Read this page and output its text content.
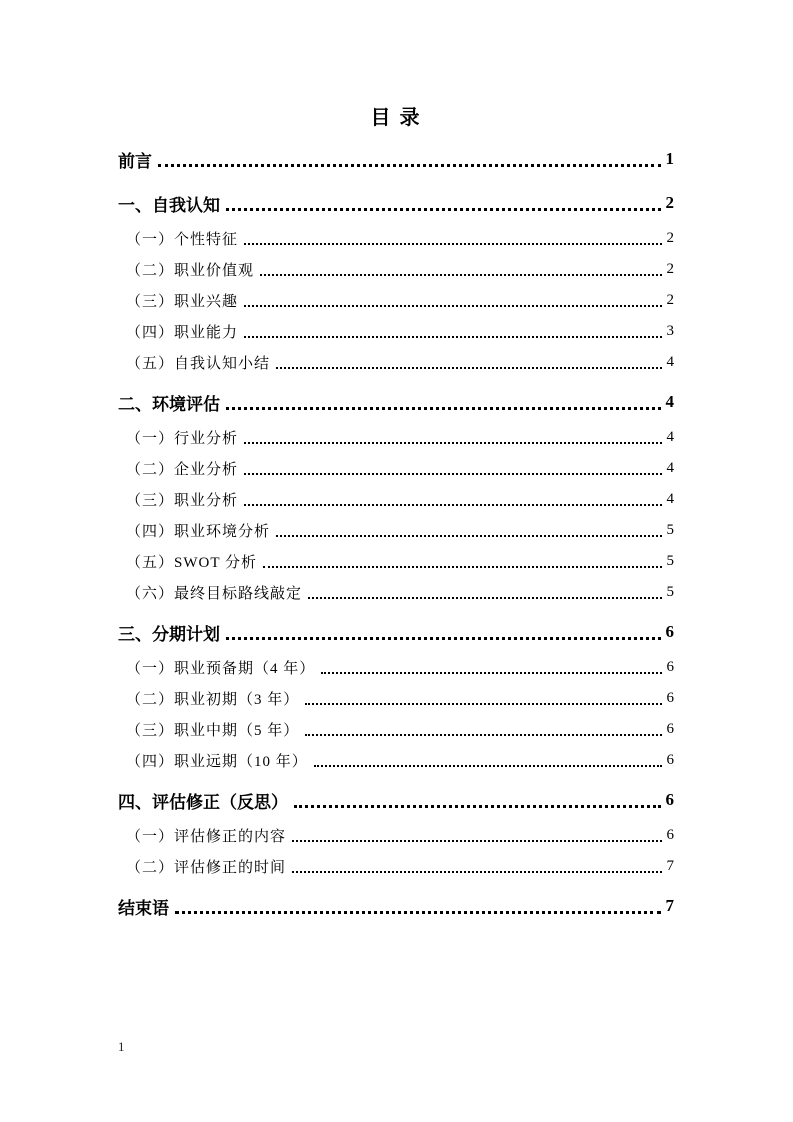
目 录
前言	1
一、自我认知	2
（一）个性特征	2
（二）职业价值观	2
（三）职业兴趣	2
（四）职业能力	3
（五）自我认知小结	4
二、环境评估	4
（一）行业分析	4
（二）企业分析	4
（三）职业分析	4
（四）职业环境分析	5
（五）SWOT 分析	5
（六）最终目标路线敲定	5
三、分期计划	6
（一）职业预备期（4 年）	6
（二）职业初期（3 年）	6
（三）职业中期（5 年）	6
（四）职业远期（10 年）	6
四、评估修正（反思）	6
（一）评估修正的内容	6
（二）评估修正的时间	7
结束语	7
1
